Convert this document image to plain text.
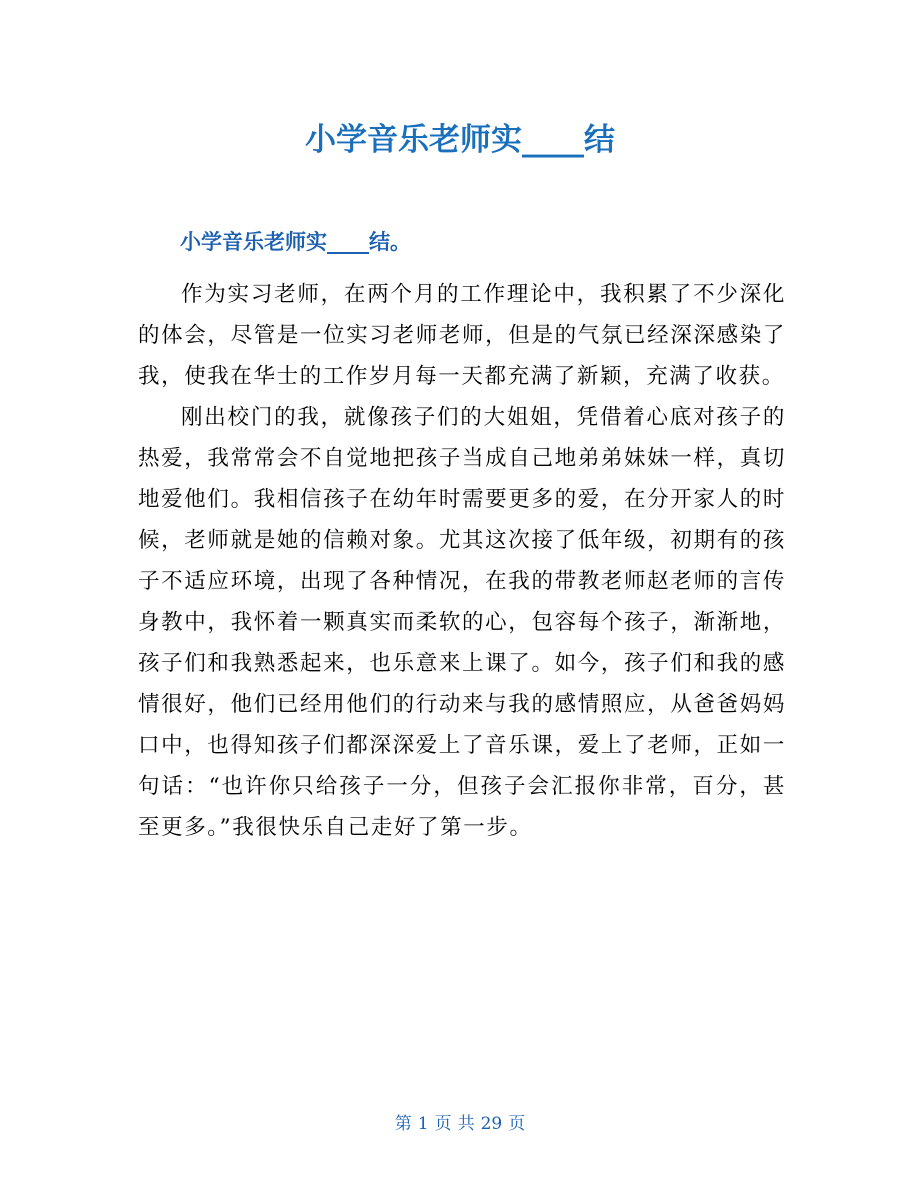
小学音乐老师实____结
小学音乐老师实____结。

作为实习老师，在两个月的工作理论中，我积累了不少深化的体会，尽管是一位实习老师老师，但是的气氛已经深深感染了我，使我在华士的工作岁月每一天都充满了新颖，充满了收获。

刚出校门的我，就像孩子们的大姐姐，凭借着心底对孩子的热爱，我常常会不自觉地把孩子当成自己地弟弟妹妹一样，真切地爱他们。我相信孩子在幼年时需要更多的爱，在分开家人的时候，老师就是她的信赖对象。尤其这次接了低年级，初期有的孩子不适应环境，出现了各种情况，在我的带教老师赵老师的言传身教中，我怀着一颗真实而柔软的心，包容每个孩子，渐渐地，孩子们和我熟悉起来，也乐意来上课了。如今，孩子们和我的感情很好，他们已经用他们的行动来与我的感情照应，从爸爸妈妈口中，也得知孩子们都深深爱上了音乐课，爱上了老师，正如一句话：“也许你只给孩子一分，但孩子会汇报你非常，百分，甚至更多。”我很快乐自己走好了第一步。

第 1 页 共 29 页
